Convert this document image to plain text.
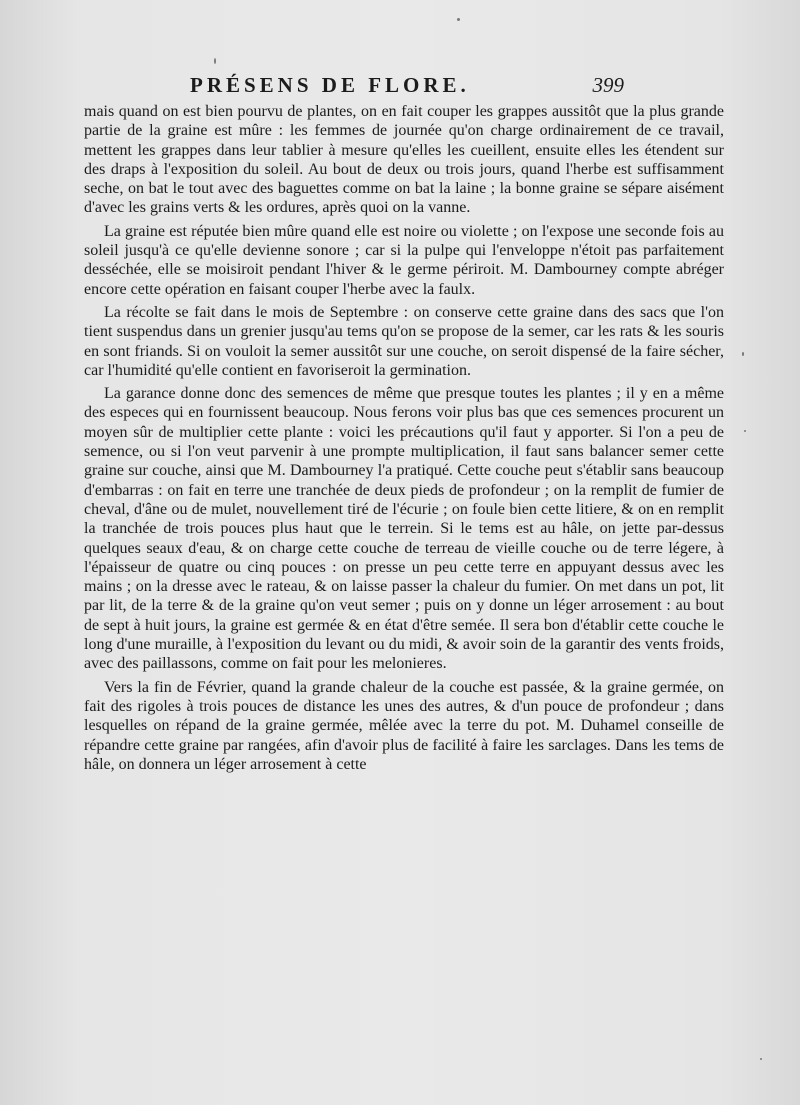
PRÉSENS DE FLORE.	399

mais quand on est bien pourvu de plantes, on en fait couper les grappes aussitôt que la plus grande partie de la graine est mûre : les femmes de journée qu'on charge ordinairement de ce travail, mettent les grappes dans leur tablier à mesure qu'elles les cueillent, ensuite elles les étendent sur des draps à l'exposition du soleil. Au bout de deux ou trois jours, quand l'herbe est suffisamment seche, on bat le tout avec des baguettes comme on bat la laine ; la bonne graine se sépare aisément d'avec les grains verts & les ordures, après quoi on la vanne.

La graine est réputée bien mûre quand elle est noire ou violette ; on l'expose une seconde fois au soleil jusqu'à ce qu'elle devienne sonore ; car si la pulpe qui l'enveloppe n'étoit pas parfaitement desséchée, elle se moisiroit pendant l'hiver & le germe périroit. M. Dambourney compte abréger encore cette opération en faisant couper l'herbe avec la faulx.

La récolte se fait dans le mois de Septembre : on conserve cette graine dans des sacs que l'on tient suspendus dans un grenier jusqu'au tems qu'on se propose de la semer, car les rats & les souris en sont friands. Si on vouloit la semer aussitôt sur une couche, on seroit dispensé de la faire sécher, car l'humidité qu'elle contient en favoriseroit la germination.

La garance donne donc des semences de même que presque toutes les plantes ; il y en a même des especes qui en fournissent beaucoup. Nous ferons voir plus bas que ces semences procurent un moyen sûr de multiplier cette plante : voici les précautions qu'il faut y apporter. Si l'on a peu de semence, ou si l'on veut parvenir à une prompte multiplication, il faut sans balancer semer cette graine sur couche, ainsi que M. Dambourney l'a pratiqué. Cette couche peut s'établir sans beaucoup d'embarras : on fait en terre une tranchée de deux pieds de profondeur ; on la remplit de fumier de cheval, d'âne ou de mulet, nouvellement tiré de l'écurie ; on foule bien cette litiere, & on en remplit la tranchée de trois pouces plus haut que le terrein. Si le tems est au hâle, on jette par-dessus quelques seaux d'eau, & on charge cette couche de terreau de vieille couche ou de terre légere, à l'épaisseur de quatre ou cinq pouces : on presse un peu cette terre en appuyant dessus avec les mains ; on la dresse avec le rateau, & on laisse passer la chaleur du fumier. On met dans un pot, lit par lit, de la terre & de la graine qu'on veut semer ; puis on y donne un léger arrosement : au bout de sept à huit jours, la graine est germée & en état d'être semée. Il sera bon d'établir cette couche le long d'une muraille, à l'exposition du levant ou du midi, & avoir soin de la garantir des vents froids, avec des paillassons, comme on fait pour les melonieres.

Vers la fin de Février, quand la grande chaleur de la couche est passée, & la graine germée, on fait des rigoles à trois pouces de distance les unes des autres, & d'un pouce de profondeur ; dans lesquelles on répand de la graine germée, mêlée avec la terre du pot. M. Duhamel conseille de répandre cette graine par rangées, afin d'avoir plus de facilité à faire les sarclages. Dans les tems de hâle, on donnera un léger arrosement à cette
